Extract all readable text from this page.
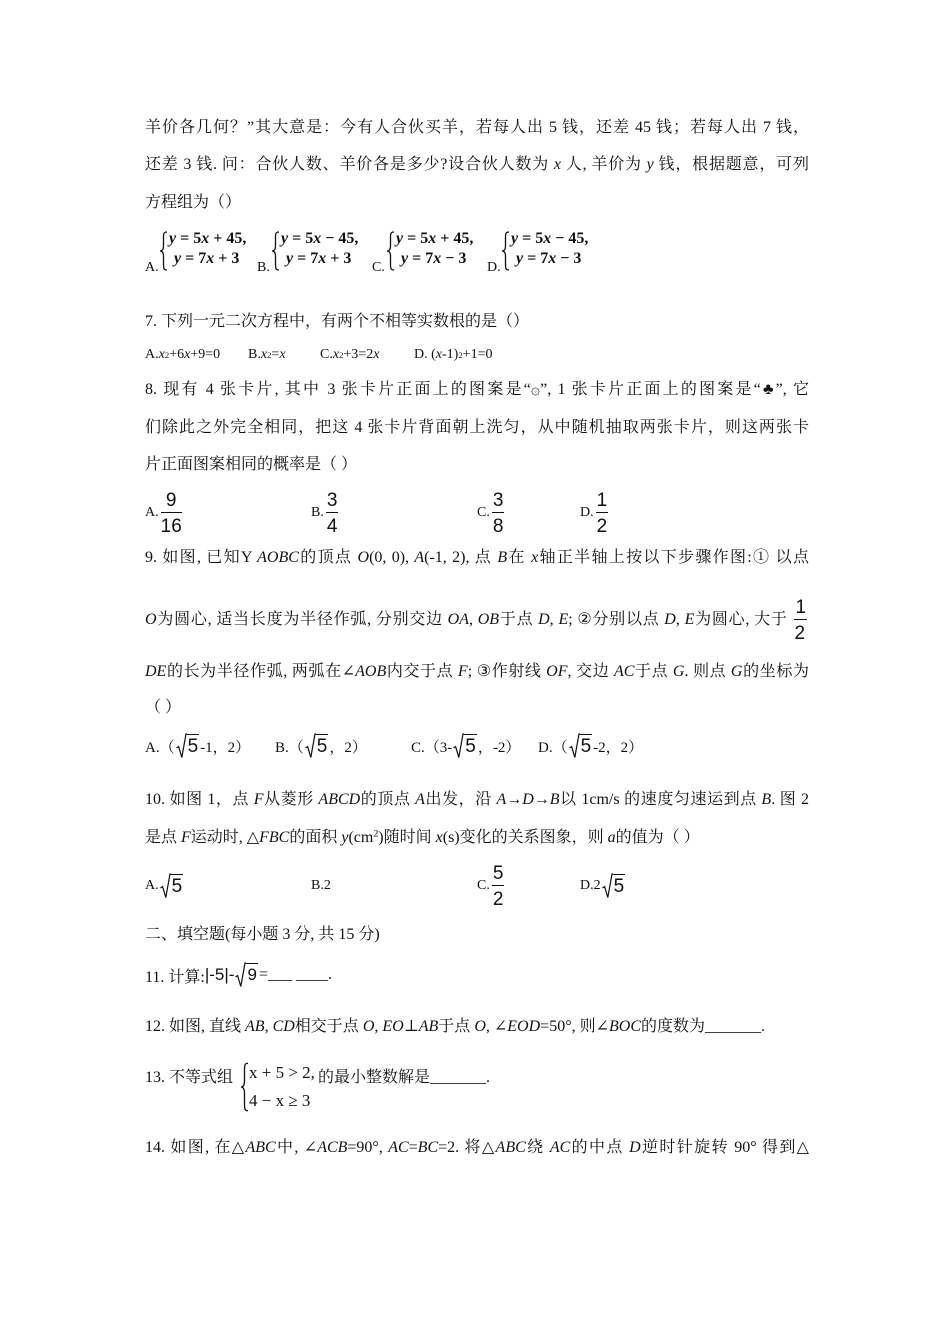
羊价各几何？”其大意是：今有人合伙买羊，若每人出 5 钱，还差 45 钱；若每人出 7 钱，
还差 3 钱. 问：合伙人数、羊价各是多少?设合伙人数为 x 人, 羊价为 y 钱，根据题意，可列
方程组为（）
A.
y = 5x + 45,
y = 7x + 3
B.
y = 5x − 45,
y = 7x + 3
C.
y = 5x + 45,
y = 7x − 3
D.
y = 5x − 45,
y = 7x − 3
7. 下列一元二次方程中，有两个不相等实数根的是（）
A. x 2 +6 x +9=0 B. x 2 = x C. x 2 +3=2 x D. ( x -1) 2 +1=0
8. 现有 4 张卡片, 其中 3 张卡片正面上的图案是“۞”, 1 张卡片正面上的图案是“♣”, 它
们除此之外完全相同，把这 4 张卡片背面朝上洗匀，从中随机抽取两张卡片，则这两张卡
片正面图案相同的概率是（ ）
A. $\frac{9}{16}$	B. $\frac{3}{4}$	C. $\frac{3}{8}$	D. $\frac{1}{2}$
9. 如图, 已知Y AOBC的顶点 O(0, 0), A(-1, 2), 点 B在 x轴正半轴上按以下步骤作图:① 以点
O为圆心, 适当长度为半径作弧, 分别交边 OA, OB于点 D, E; ②分别以点 D, E为圆心, 大于 $\frac{1}{2}$
DE的长为半径作弧, 两弧在∠AOB内交于点 F; ③作射线 OF, 交边 AC于点 G. 则点 G的坐标为
（ ）
A.（ 5 -1，2） B.（ 5 ，2）	C.（3- 5 ，-2） D.（ 5 -2，2）
10. 如图 1，点 F从菱形 ABCD的顶点 A出发，沿 A→D→B以 1cm/s 的速度匀速运到点 B. 图 2
是点 F运动时, △FBC的面积 $y(cm^2)$随时间 x(s)变化的关系图象，则 a的值为（ ）
A. 5	B.2	C. $\frac{5}{2}$	D.2 5
二、填空题(每小题 3 分, 共 15 分)
11. 计算: |-5|- 9 =___ ____.
12. 如图, 直线 AB, CD相交于点 O, EO⊥AB于点 O, ∠EOD=50°, 则∠BOC的度数为_______.
13. 不等式组 x + 5 > 2,
4 − x ≥ 3
的最小整数解是_______.
14. 如图, 在△ABC中, ∠ACB=90°, AC=BC=2. 将△ABC绕 AC的中点 D逆时针旋转 90° 得到△
